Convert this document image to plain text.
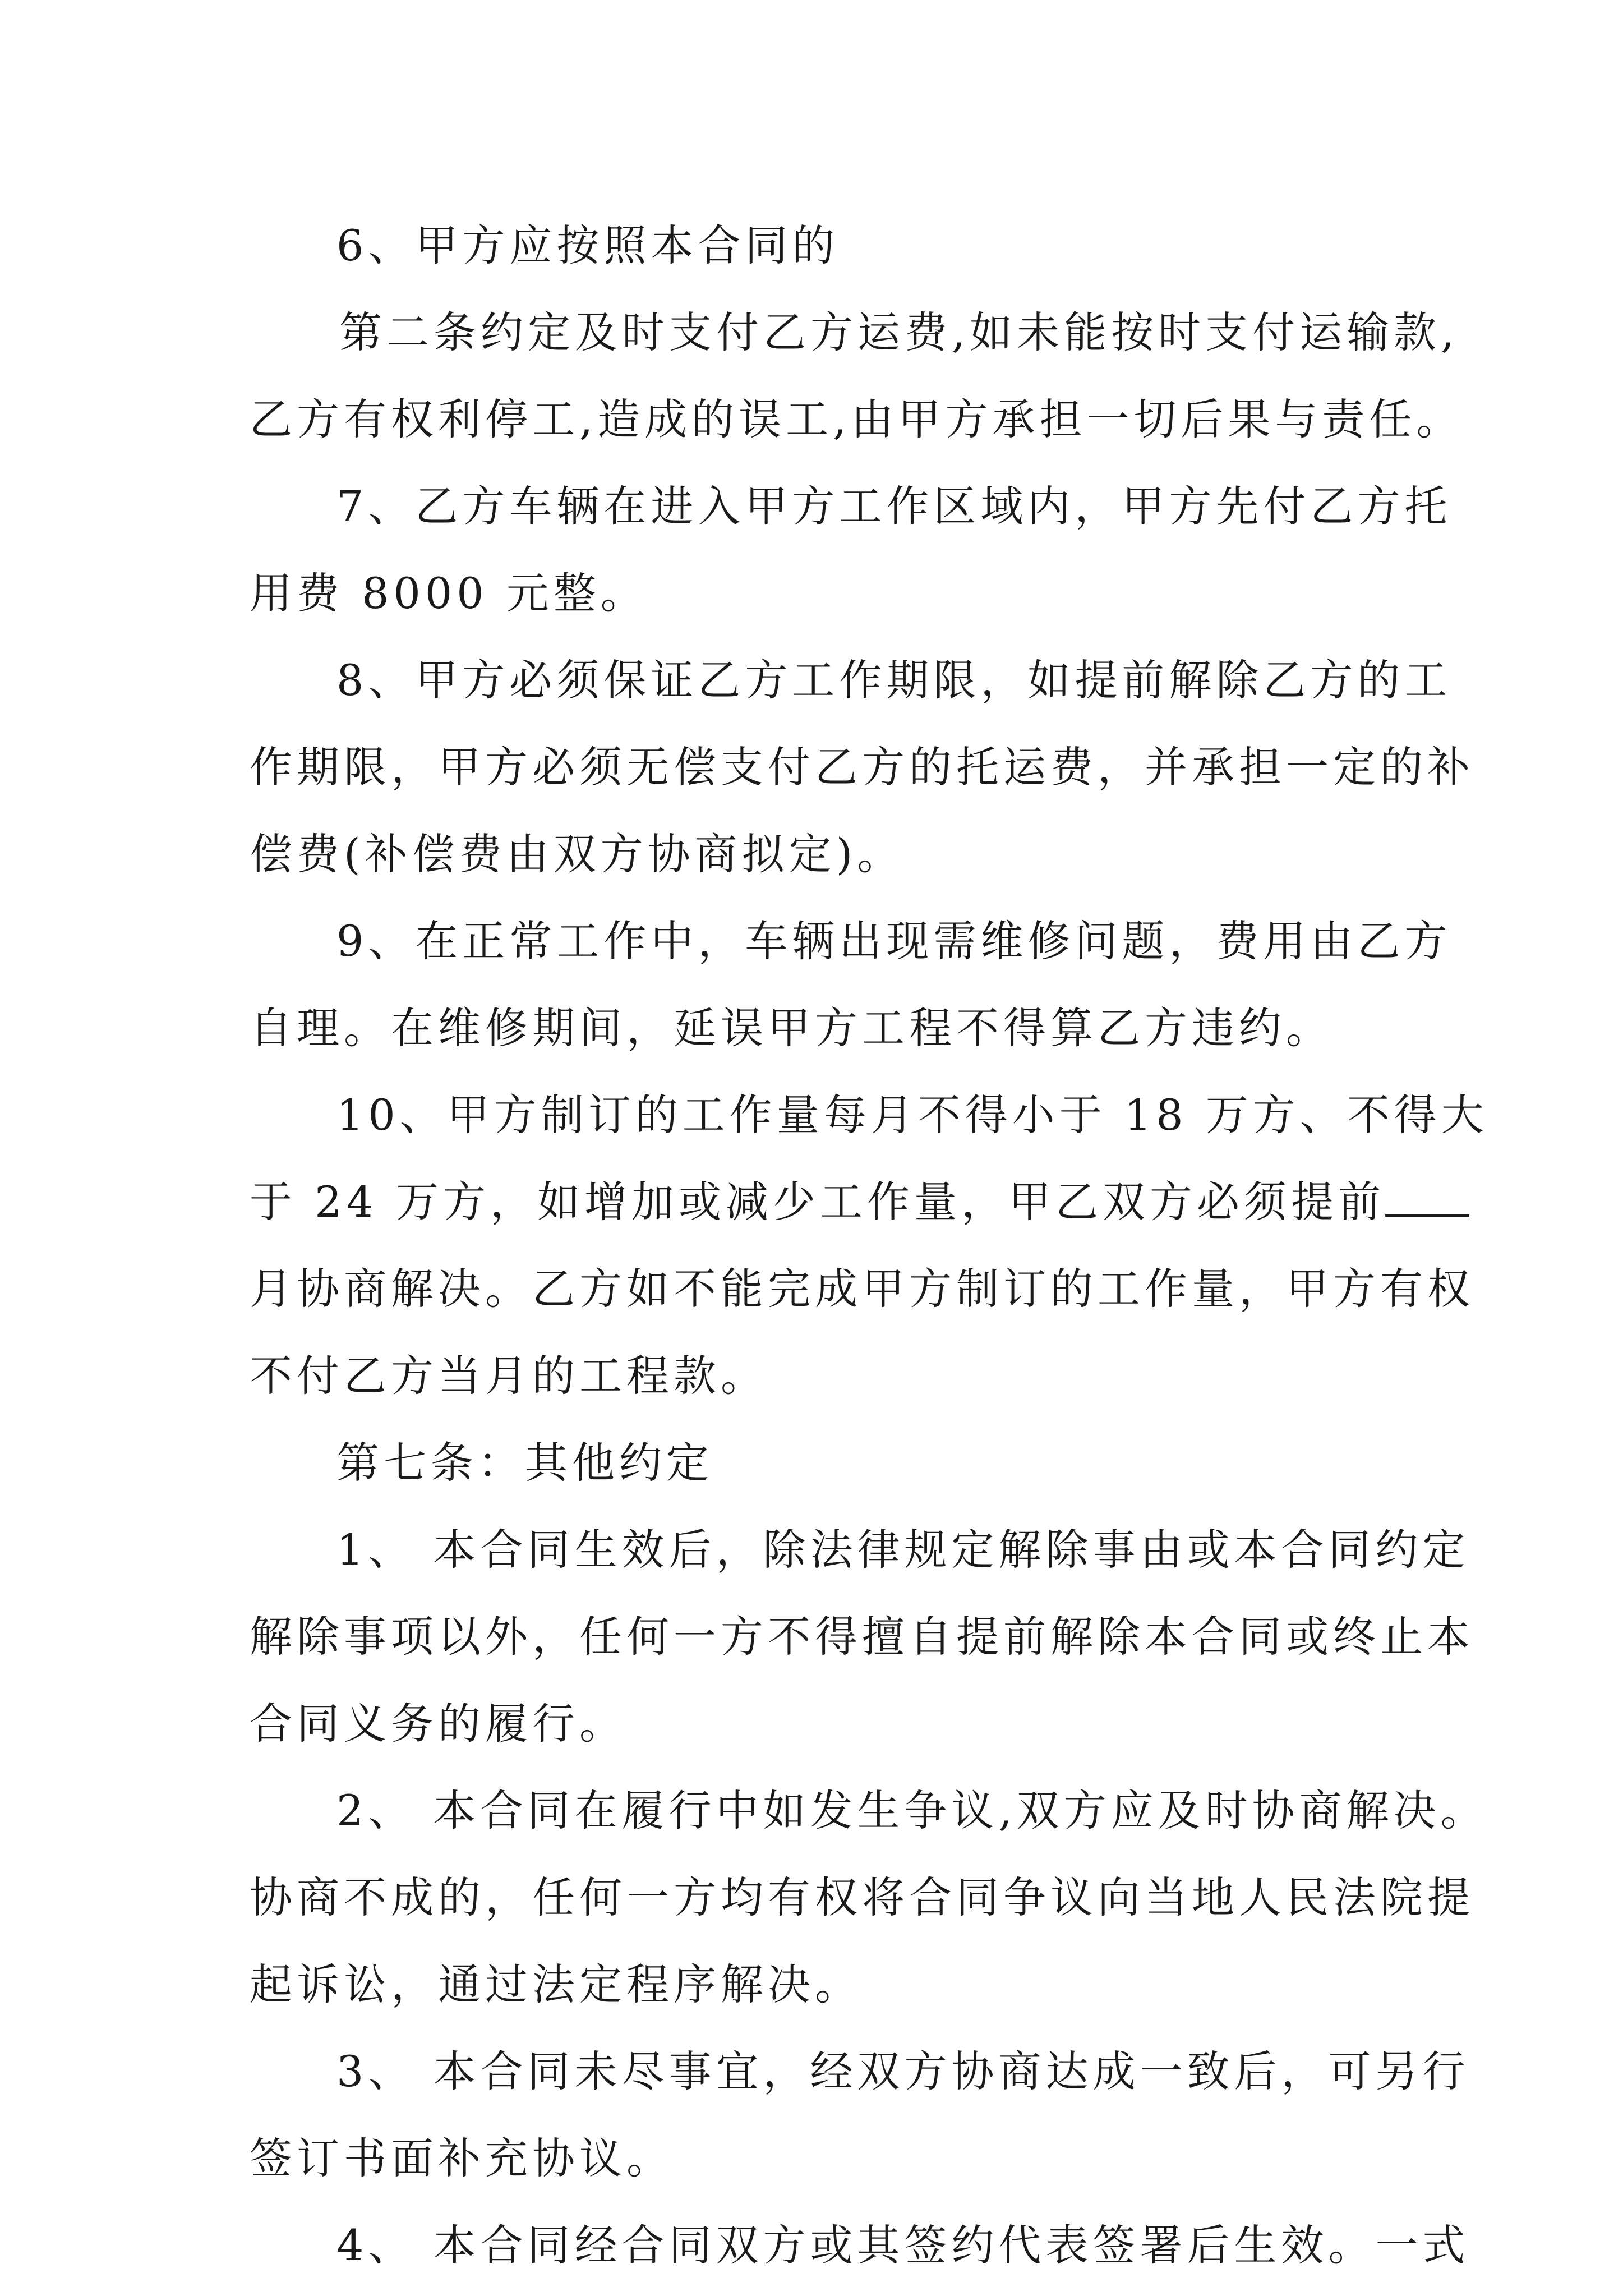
6、甲方应按照本合同的
第二条约定及时支付乙方运费,如未能按时支付运输款,
乙方有权利停工,造成的误工,由甲方承担一切后果与责任。
7、乙方车辆在进入甲方工作区域内，甲方先付乙方托
用费 8000 元整。
8、甲方必须保证乙方工作期限，如提前解除乙方的工
作期限，甲方必须无偿支付乙方的托运费，并承担一定的补
偿费(补偿费由双方协商拟定)。
9、在正常工作中，车辆出现需维修问题，费用由乙方
自理。在维修期间，延误甲方工程不得算乙方违约。
10、甲方制订的工作量每月不得小于 18 万方、不得大
于 24 万方，如增加或减少工作量，甲乙双方必须提前
月协商解决。乙方如不能完成甲方制订的工作量，甲方有权
不付乙方当月的工程款。
第七条：其他约定
1、 本合同生效后，除法律规定解除事由或本合同约定
解除事项以外，任何一方不得擅自提前解除本合同或终止本
合同义务的履行。
2、 本合同在履行中如发生争议,双方应及时协商解决。
协商不成的，任何一方均有权将合同争议向当地人民法院提
起诉讼，通过法定程序解决。
3、 本合同未尽事宜，经双方协商达成一致后，可另行
签订书面补充协议。
4、 本合同经合同双方或其签约代表签署后生效。一式
